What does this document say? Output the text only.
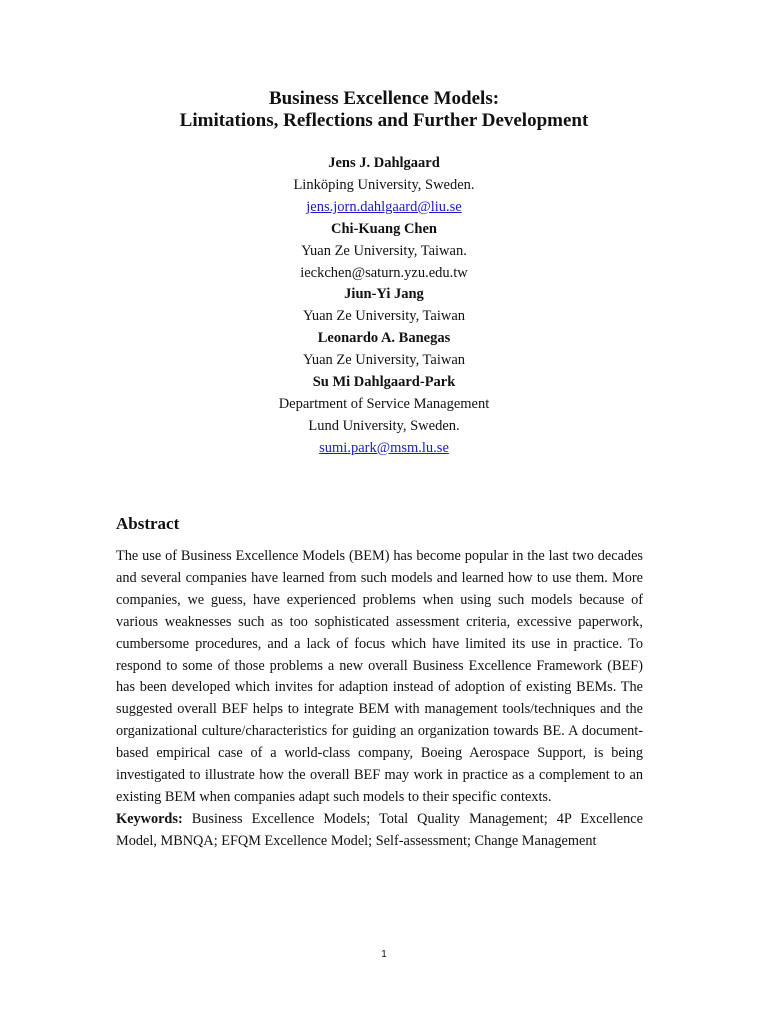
Business Excellence Models:

Limitations, Reflections and Further Development

Jens J. Dahlgaard
Linköping University, Sweden.
jens.jorn.dahlgaard@liu.se
Chi-Kuang Chen
Yuan Ze University, Taiwan.
ieckchen@saturn.yzu.edu.tw
Jiun-Yi Jang
Yuan Ze University, Taiwan
Leonardo A. Banegas
Yuan Ze University, Taiwan
Su Mi Dahlgaard-Park
Department of Service Management
Lund University, Sweden.
sumi.park@msm.lu.se
Abstract

The use of Business Excellence Models (BEM) has become popular in the last two decades and several companies have learned from such models and learned how to use them. More companies, we guess, have experienced problems when using such models because of various weaknesses such as too sophisticated assessment criteria, excessive paperwork, cumbersome procedures, and a lack of focus which have limited its use in practice. To respond to some of those problems a new overall Business Excellence Framework (BEF) has been developed which invites for adaption instead of adoption of existing BEMs. The suggested overall BEF helps to integrate BEM with management tools/techniques and the organizational culture/characteristics for guiding an organization towards BE. A document-based empirical case of a world-class company, Boeing Aerospace Support, is being investigated to illustrate how the overall BEF may work in practice as a complement to an existing BEM when companies adapt such models to their specific contexts.

Keywords: Business Excellence Models; Total Quality Management; 4P Excellence Model, MBNQA; EFQM Excellence Model; Self-assessment; Change Management

1
